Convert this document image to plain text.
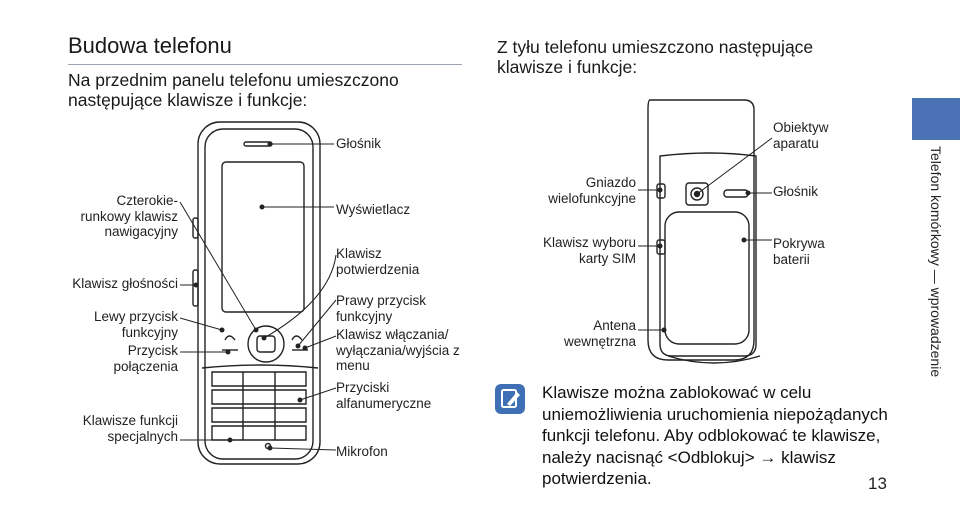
Budowa telefonu
Na przednim panelu telefonu umieszczono następujące klawisze i funkcje:
Z tyłu telefonu umieszczono następujące klawisze i funkcje:
Czterokie-runkowy klawisz nawigacyjny
Klawisz głośności
Lewy przycisk funkcyjny
Przycisk połączenia
Klawisze funkcji specjalnych
Głośnik
Wyświetlacz
Klawisz potwierdzenia
Prawy przycisk funkcyjny
Klawisz włączania/ wyłączania/wyjścia z menu
Przyciski alfanumeryczne
Mikrofon
Gniazdo wielofunkcyjne
Klawisz wyboru karty SIM
Antena wewnętrzna
Obiektyw aparatu
Głośnik
Pokrywa baterii
Klawisze można zablokować w celu uniemożliwienia uruchomienia niepożądanych funkcji telefonu. Aby odblokować te klawisze, należy nacisnąć <Odblokuj> → klawisz potwierdzenia.
Telefon komórkowy — wprowadzenie
13
